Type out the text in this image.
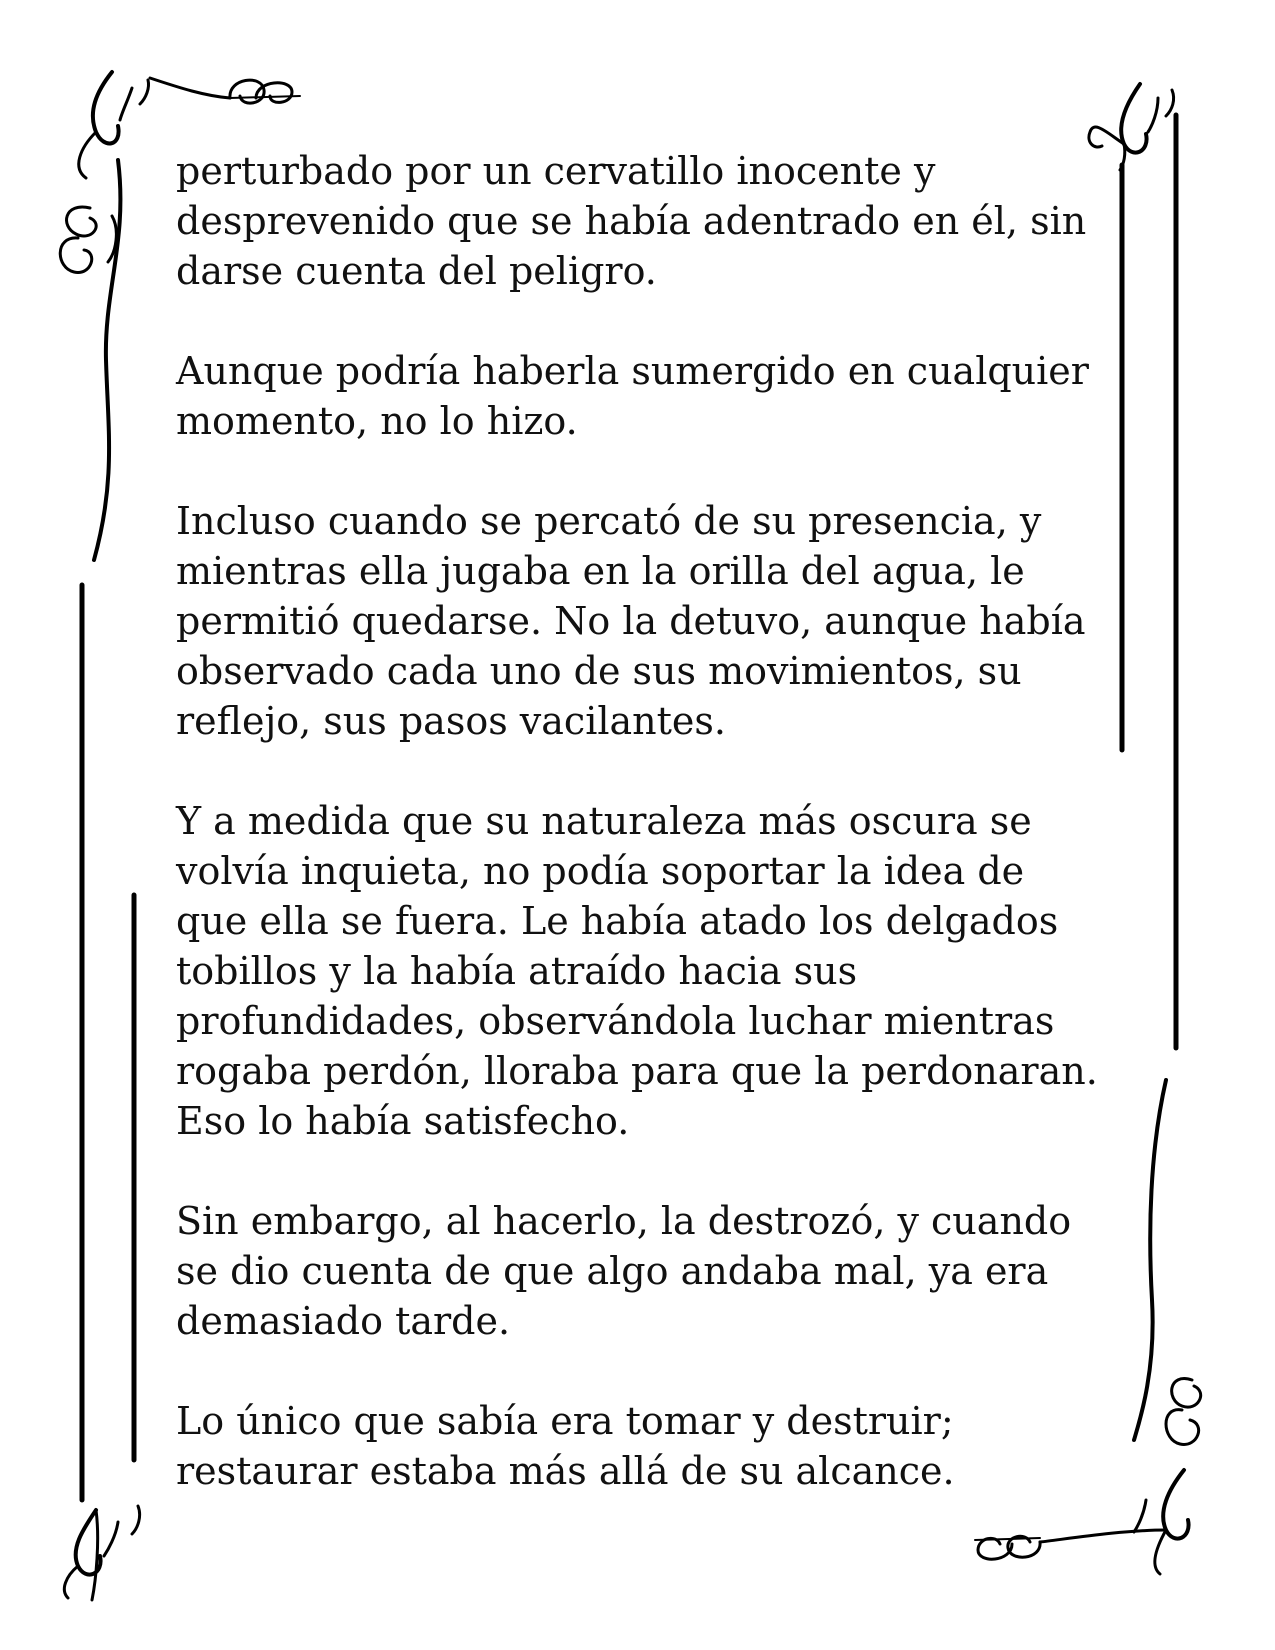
perturbado por un cervatillo inocente y
desprevenido que se había adentrado en él, sin
darse cuenta del peligro.

Aunque podría haberla sumergido en cualquier
momento, no lo hizo.

Incluso cuando se percató de su presencia, y
mientras ella jugaba en la orilla del agua, le
permitió quedarse. No la detuvo, aunque había
observado cada uno de sus movimientos, su
reflejo, sus pasos vacilantes.

Y a medida que su naturaleza más oscura se
volvía inquieta, no podía soportar la idea de
que ella se fuera. Le había atado los delgados
tobillos y la había atraído hacia sus
profundidades, observándola luchar mientras
rogaba perdón, lloraba para que la perdonaran.
Eso lo había satisfecho.

Sin embargo, al hacerlo, la destrozó, y cuando
se dio cuenta de que algo andaba mal, ya era
demasiado tarde.

Lo único que sabía era tomar y destruir;
restaurar estaba más allá de su alcance.
